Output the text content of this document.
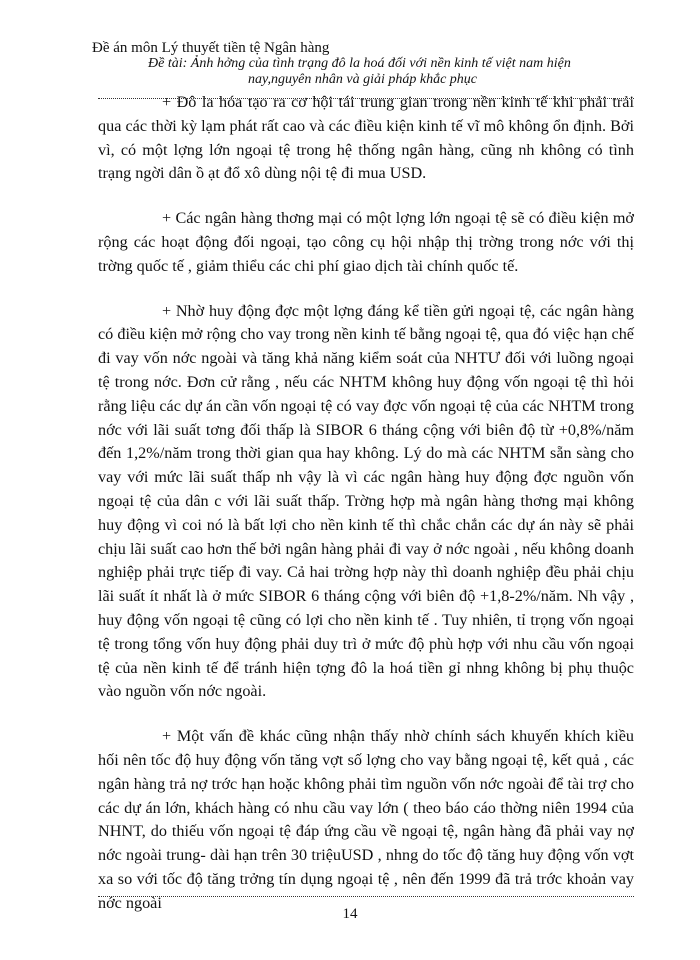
Đề án môn Lý thuyết tiền tệ Ngân hàng
Đề tài: Ảnh hởng của tình trạng đô la hoá đối với nền kinh tế việt nam hiện
nay,nguyên nhân và giải pháp khắc phục

+ Đô la hóa tạo ra cơ hội tái trung gian trong nền kinh tế khi phải trải qua các thời kỳ lạm phát rất cao và các điều kiện kinh tế vĩ mô không ổn định. Bởi vì, có một lợng lớn ngoại tệ trong hệ thống ngân hàng, cũng nh không có tình trạng ngời dân ồ ạt đổ xô dùng nội tệ đi mua USD.

+ Các ngân hàng thơng mại có một lợng lớn ngoại tệ sẽ có điều kiện mở rộng các hoạt động đối ngoại, tạo công cụ hội nhập thị trờng trong nớc với thị trờng quốc tế , giảm thiểu các chi phí giao dịch tài chính quốc tế.

+ Nhờ huy động đợc một lợng đáng kể tiền gửi ngoại tệ, các ngân hàng có điều kiện mở rộng cho vay trong nền kinh tế bằng ngoại tệ, qua đó việc hạn chế đi vay vốn nớc ngoài và tăng khả năng kiểm soát của NHTƯ đối với luồng ngoại tệ trong nớc. Đơn cử rằng , nếu các NHTM không huy động vốn ngoại tệ thì hỏi rằng liệu các dự án cần vốn ngoại tệ có vay đợc vốn ngoại tệ của các NHTM trong nớc với lãi suất tơng đối thấp là SIBOR 6 tháng cộng với biên độ từ +0,8%/năm đến 1,2%/năm trong thời gian qua hay không. Lý do mà các NHTM sẵn sàng cho vay với mức lãi suất thấp nh vậy là vì các ngân hàng huy động đợc nguồn vốn ngoại tệ của dân c với lãi suất thấp. Trờng hợp mà ngân hàng thơng mại không huy động vì coi nó là bất lợi cho nền kinh tế thì chắc chắn các dự án này sẽ phải chịu lãi suất cao hơn thế bởi ngân hàng phải đi vay ở nớc ngoài , nếu không doanh nghiệp phải trực tiếp đi vay. Cả hai trờng hợp này thì doanh nghiệp đều phải chịu lãi suất ít nhất là ở mức SIBOR 6 tháng cộng với biên độ +1,8-2%/năm. Nh vậy , huy động vốn ngoại tệ cũng có lợi cho nền kinh tế . Tuy nhiên, tỉ trọng vốn ngoại tệ trong tổng vốn huy động phải duy trì ở mức độ phù hợp với nhu cầu vốn ngoại tệ của nền kinh tế để tránh hiện tợng đô la hoá tiền gỉ nhng không bị phụ thuộc vào nguồn vốn nớc ngoài.

+ Một vấn đề khác cũng nhận thấy nhờ chính sách khuyến khích kiều hối nên tốc độ huy động vốn tăng vợt số lợng cho vay bằng ngoại tệ, kết quả , các ngân hàng trả nợ trớc hạn hoặc không phải tìm nguồn vốn nớc ngoài để tài trợ cho các dự án lớn, khách hàng có nhu cầu vay lớn ( theo báo cáo thờng niên 1994 của NHNT, do thiếu vốn ngoại tệ đáp ứng cầu về ngoại tệ, ngân hàng đã phải vay nợ nớc ngoài trung- dài hạn trên 30 triệuUSD , nhng do tốc độ tăng huy động vốn vợt xa so với tốc độ tăng trởng tín dụng ngoại tệ , nên đến 1999 đã trả trớc khoản vay nớc ngoài

14
